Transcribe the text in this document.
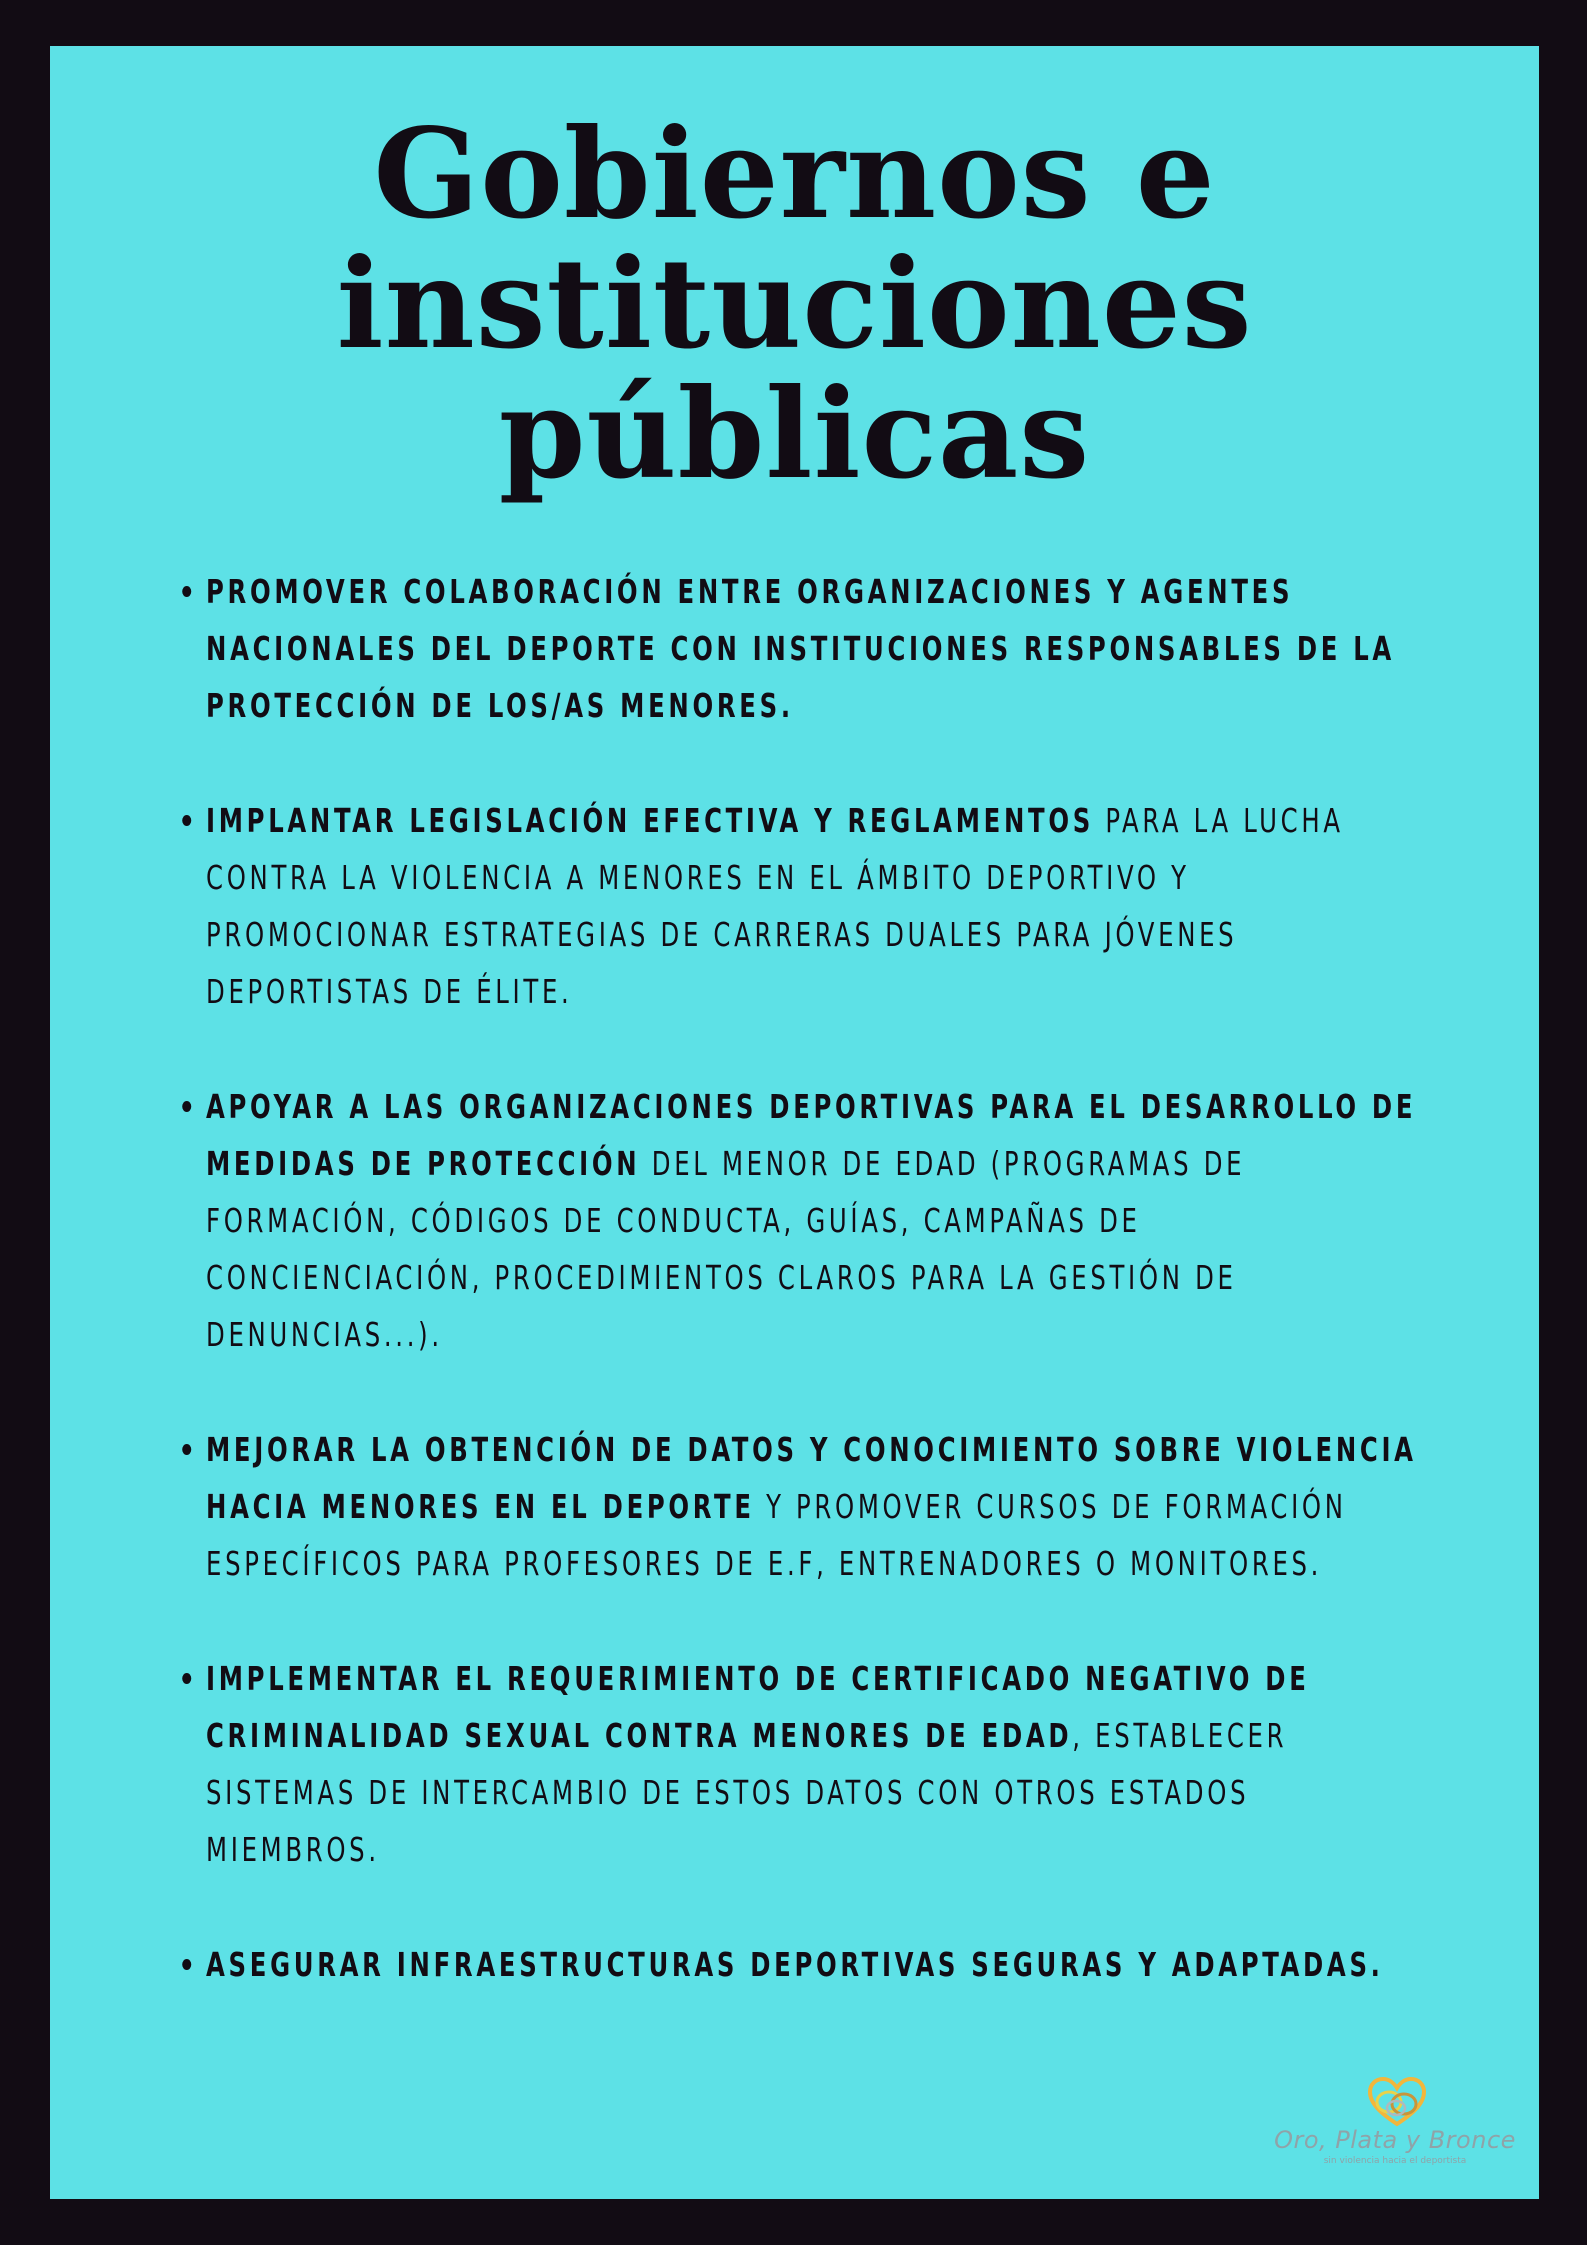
Gobiernos e
instituciones
públicas
PROMOVER COLABORACIÓN ENTRE ORGANIZACIONES Y AGENTES NACIONALES DEL DEPORTE CON INSTITUCIONES RESPONSABLES DE LA PROTECCIÓN DE LOS/AS MENORES.
IMPLANTAR LEGISLACIÓN EFECTIVA Y REGLAMENTOS PARA LA LUCHA CONTRA LA VIOLENCIA A MENORES EN EL ÁMBITO DEPORTIVO Y PROMOCIONAR ESTRATEGIAS DE CARRERAS DUALES PARA JÓVENES DEPORTISTAS DE ÉLITE.
APOYAR A LAS ORGANIZACIONES DEPORTIVAS PARA EL DESARROLLO DE MEDIDAS DE PROTECCIÓN DEL MENOR DE EDAD (PROGRAMAS DE FORMACIÓN, CÓDIGOS DE CONDUCTA, GUÍAS, CAMPAÑAS DE CONCIENCIACIÓN, PROCEDIMIENTOS CLAROS PARA LA GESTIÓN DE DENUNCIAS...).
MEJORAR LA OBTENCIÓN DE DATOS Y CONOCIMIENTO SOBRE VIOLENCIA HACIA MENORES EN EL DEPORTE Y PROMOVER CURSOS DE FORMACIÓN ESPECÍFICOS PARA PROFESORES DE E.F, ENTRENADORES O MONITORES.
IMPLEMENTAR EL REQUERIMIENTO DE CERTIFICADO NEGATIVO DE CRIMINALIDAD SEXUAL CONTRA MENORES DE EDAD, ESTABLECER SISTEMAS DE INTERCAMBIO DE ESTOS DATOS CON OTROS ESTADOS MIEMBROS.
ASEGURAR INFRAESTRUCTURAS DEPORTIVAS SEGURAS Y ADAPTADAS.
Oro, Plata y Bronce
sin violencia hacia el deportista
